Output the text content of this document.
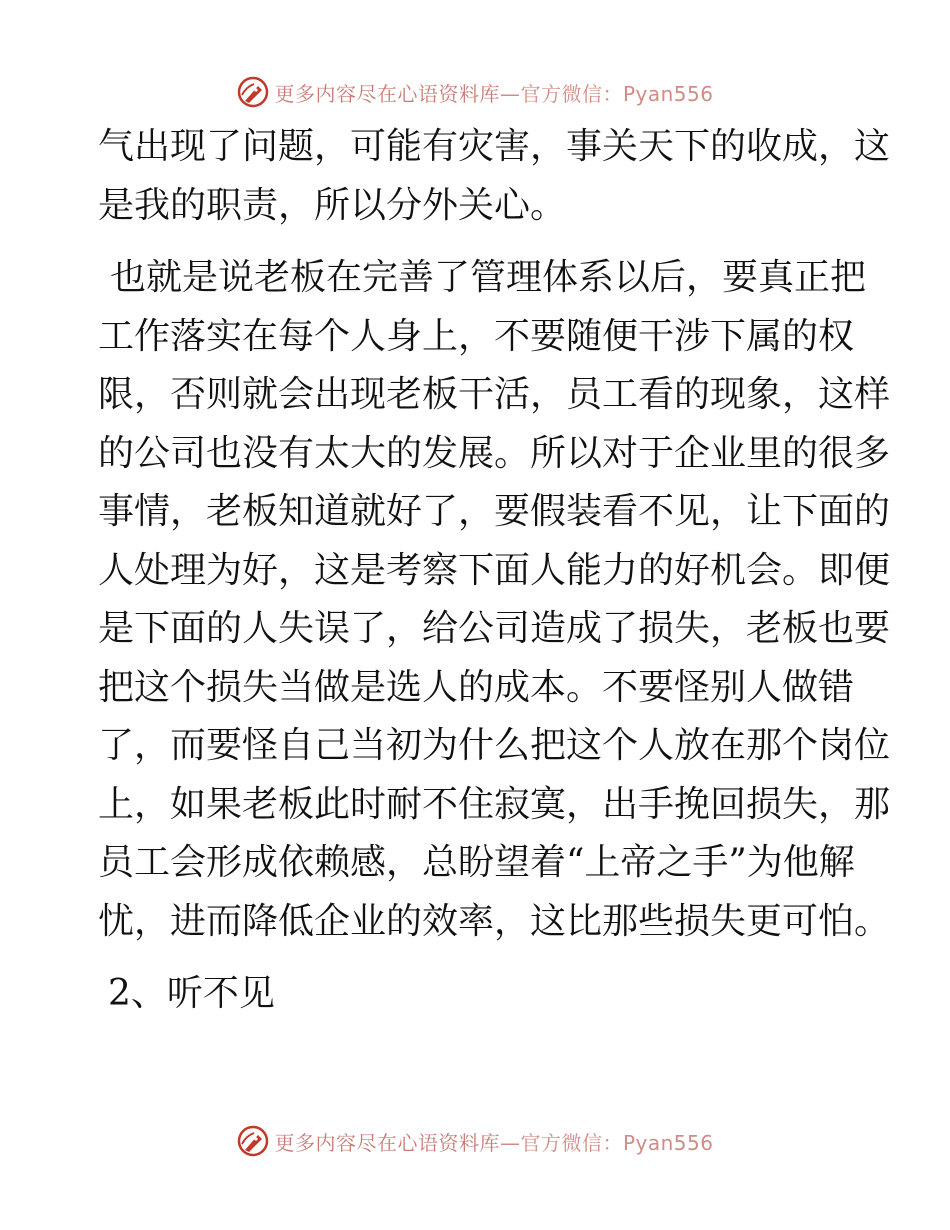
更多内容尽在心语资料库—官方微信：Pyan556
气出现了问题，可能有灾害，事关天下的收成，这
是我的职责，所以分外关心。
也就是说老板在完善了管理体系以后，要真正把
工作落实在每个人身上，不要随便干涉下属的权
限，否则就会出现老板干活，员工看的现象，这样
的公司也没有太大的发展。所以对于企业里的很多
事情，老板知道就好了，要假装看不见，让下面的
人处理为好，这是考察下面人能力的好机会。即便
是下面的人失误了，给公司造成了损失，老板也要
把这个损失当做是选人的成本。不要怪别人做错
了，而要怪自己当初为什么把这个人放在那个岗位
上，如果老板此时耐不住寂寞，出手挽回损失，那
员工会形成依赖感，总盼望着“上帝之手”为他解
忧，进而降低企业的效率，这比那些损失更可怕。
2、听不见
更多内容尽在心语资料库—官方微信：Pyan556
